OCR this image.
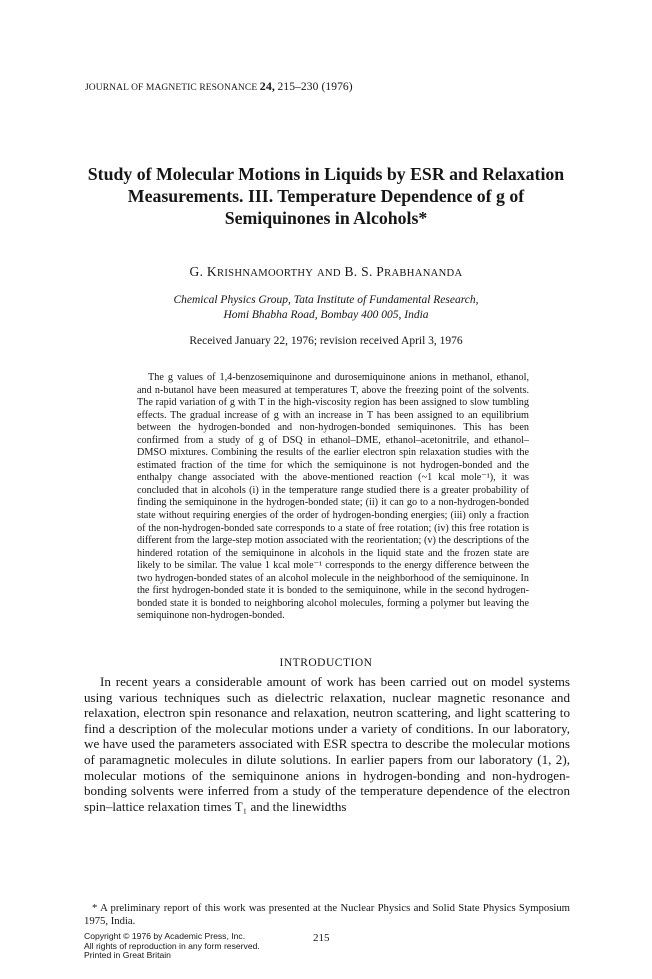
JOURNAL OF MAGNETIC RESONANCE 24, 215–230 (1976)
Study of Molecular Motions in Liquids by ESR and Relaxation
Measurements. III. Temperature Dependence of g of
Semiquinones in Alcohols*
G. KRISHNAMOORTHY AND B. S. PRABHANANDA
Chemical Physics Group, Tata Institute of Fundamental Research,
Homi Bhabha Road, Bombay 400 005, India
Received January 22, 1976; revision received April 3, 1976

The g values of 1,4-benzosemiquinone and durosemiquinone anions in methanol, ethanol, and n-butanol have been measured at temperatures T, above the freezing point of the solvents. The rapid variation of g with T in the high-viscosity region has been assigned to slow tumbling effects. The gradual increase of g with an increase in T has been assigned to an equilibrium between the hydrogen-bonded and non-hydrogen-bonded semiquinones. This has been confirmed from a study of g of DSQ in ethanol–DME, ethanol–acetonitrile, and ethanol–DMSO mixtures. Combining the results of the earlier electron spin relaxation studies with the estimated fraction of the time for which the semiquinone is not hydrogen-bonded and the enthalpy change associated with the above-mentioned reaction (~1 kcal mole⁻¹), it was concluded that in alcohols (i) in the temperature range studied there is a greater probability of finding the semiquinone in the hydrogen-bonded state; (ii) it can go to a non-hydrogen-bonded state without requiring energies of the order of hydrogen-bonding energies; (iii) only a fraction of the non-hydrogen-bonded sate corresponds to a state of free rotation; (iv) this free rotation is different from the large-step motion associated with the reorientation; (v) the descriptions of the hindered rotation of the semiquinone in alcohols in the liquid state and the frozen state are likely to be similar. The value 1 kcal mole⁻¹ corresponds to the energy difference between the two hydrogen-bonded states of an alcohol molecule in the neighborhood of the semiquinone. In the first hydrogen-bonded state it is bonded to the semiquinone, while in the second hydrogen-bonded state it is bonded to neighboring alcohol molecules, forming a polymer but leaving the semiquinone non-hydrogen-bonded.

INTRODUCTION

In recent years a considerable amount of work has been carried out on model systems using various techniques such as dielectric relaxation, nuclear magnetic resonance and relaxation, electron spin resonance and relaxation, neutron scattering, and light scattering to find a description of the molecular motions under a variety of conditions. In our laboratory, we have used the parameters associated with ESR spectra to describe the molecular motions of paramagnetic molecules in dilute solutions. In earlier papers from our laboratory (1, 2), molecular motions of the semiquinone anions in hydrogen-bonding and non-hydrogen-bonding solvents were inferred from a study of the temperature dependence of the electron spin–lattice relaxation times T₁ and the linewidths

* A preliminary report of this work was presented at the Nuclear Physics and Solid State Physics Symposium 1975, India.

Copyright © 1976 by Academic Press, Inc.
All rights of reproduction in any form reserved.
Printed in Great Britain
215
